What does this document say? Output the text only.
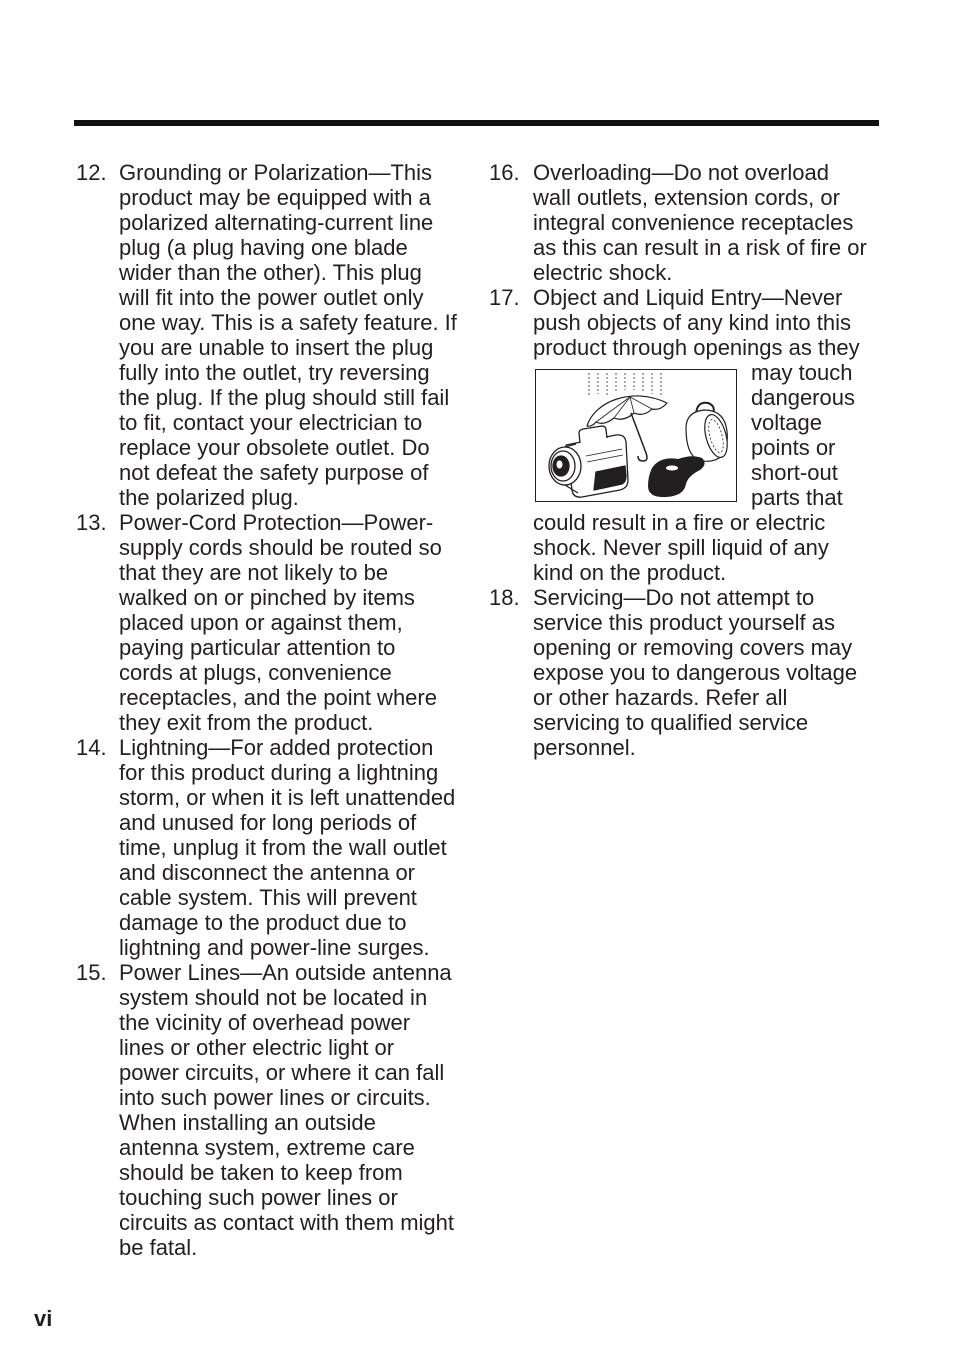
12. Grounding or Polarization—This
product may be equipped with a
polarized alternating-current line
plug (a plug having one blade
wider than the other). This plug
will fit into the power outlet only
one way. This is a safety feature. If
you are unable to insert the plug
fully into the outlet, try reversing
the plug. If the plug should still fail
to fit, contact your electrician to
replace your obsolete outlet. Do
not defeat the safety purpose of
the polarized plug.
13. Power-Cord Protection—Power-
supply cords should be routed so
that they are not likely to be
walked on or pinched by items
placed upon or against them,
paying particular attention to
cords at plugs, convenience
receptacles, and the point where
they exit from the product.
14. Lightning—For added protection
for this product during a lightning
storm, or when it is left unattended
and unused for long periods of
time, unplug it from the wall outlet
and disconnect the antenna or
cable system. This will prevent
damage to the product due to
lightning and power-line surges.
15. Power Lines—An outside antenna
system should not be located in
the vicinity of overhead power
lines or other electric light or
power circuits, or where it can fall
into such power lines or circuits.
When installing an outside
antenna system, extreme care
should be taken to keep from
touching such power lines or
circuits as contact with them might
be fatal.
16. Overloading—Do not overload
wall outlets, extension cords, or
integral convenience receptacles
as this can result in a risk of fire or
electric shock.
17. Object and Liquid Entry—Never
push objects of any kind into this
product through openings as they
may touch
dangerous
voltage
points or
short-out
parts that
could result in a fire or electric
shock. Never spill liquid of any
kind on the product.
18. Servicing—Do not attempt to
service this product yourself as
opening or removing covers may
expose you to dangerous voltage
or other hazards. Refer all
servicing to qualified service
personnel.
vi
